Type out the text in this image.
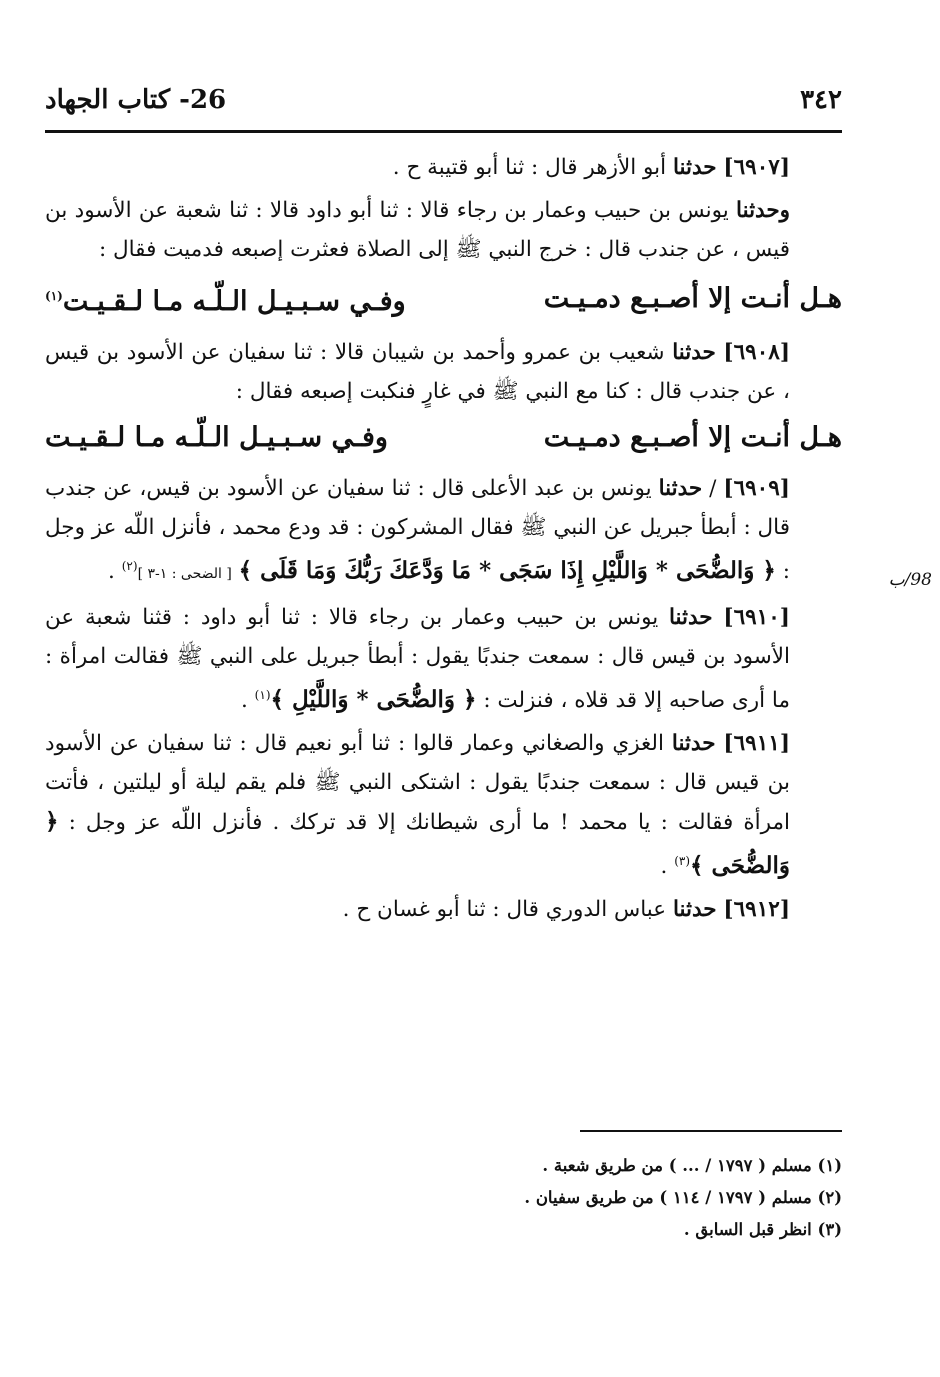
26- كتاب الجهاد	٣٤٢
98/ب

[٦٩٠٧] حدثنا أبو الأزهر قال : ثنا أبو قتيبة ح .

وحدثنا يونس بن حبيب وعمار بن رجاء قالا : ثنا أبو داود قالا : ثنا شعبة عن الأسود بن قيس ، عن جندب قال : خرج النبي ﷺ إلى الصلاة فعثرت إصبعه فدميت فقال :

هـل أنـت إلا أصـبـع دمـيـت
وفـي سـبـيـل الـلّـه مـا لـقـيـت$^{(١)}$

[٦٩٠٨] حدثنا شعيب بن عمرو وأحمد بن شيبان قالا : ثنا سفيان عن الأسود بن قيس ، عن جندب قال : كنا مع النبي ﷺ في غارٍ فنكبت إصبعه فقال :

هـل أنـت إلا أصـبـع دمـيـت
وفـي سـبـيـل الـلّـه مـا لـقـيـت

[٦٩٠٩] / حدثنا يونس بن عبد الأعلى قال : ثنا سفيان عن الأسود بن قيس، عن جندب قال : أبطأ جبريل عن النبي ﷺ فقال المشركون : قد ودع محمد ، فأنزل اللّه عز وجل : ﴿ وَالضُّحَى * وَاللَّيْلِ إِذَا سَجَى * مَا وَدَّعَكَ رَبُّكَ وَمَا قَلَى ﴾ [ الضحى : ١-٣ ]$^{(٢)}$ .

[٦٩١٠] حدثنا يونس بن حبيب وعمار بن رجاء قالا : ثنا أبو داود : قثنا شعبة عن الأسود بن قيس قال : سمعت جندبًا يقول : أبطأ جبريل على النبي ﷺ فقالت امرأة : ما أرى صاحبه إلا قد قلاه ، فنزلت : ﴿ وَالضُّحَى * وَاللَّيْلِ ﴾$^{(١)}$ .

[٦٩١١] حدثنا الغزي والصغاني وعمار قالوا : ثنا أبو نعيم قال : ثنا سفيان عن الأسود بن قيس قال : سمعت جندبًا يقول : اشتكى النبي ﷺ فلم يقم ليلة أو ليلتين ، فأتت امرأة فقالت : يا محمد ! ما أرى شيطانك إلا قد تركك . فأنزل اللّه عز وجل : ﴿ وَالضُّحَى ﴾$^{(٣)}$ .

[٦٩١٢] حدثنا عباس الدوري قال : ثنا أبو غسان ح .

(١) مسلم ( ١٧٩٧ / ... ) من طريق شعبة .
(٢) مسلم ( ١٧٩٧ / ١١٤ ) من طريق سفيان .
(٣) انظر قبل السابق .
